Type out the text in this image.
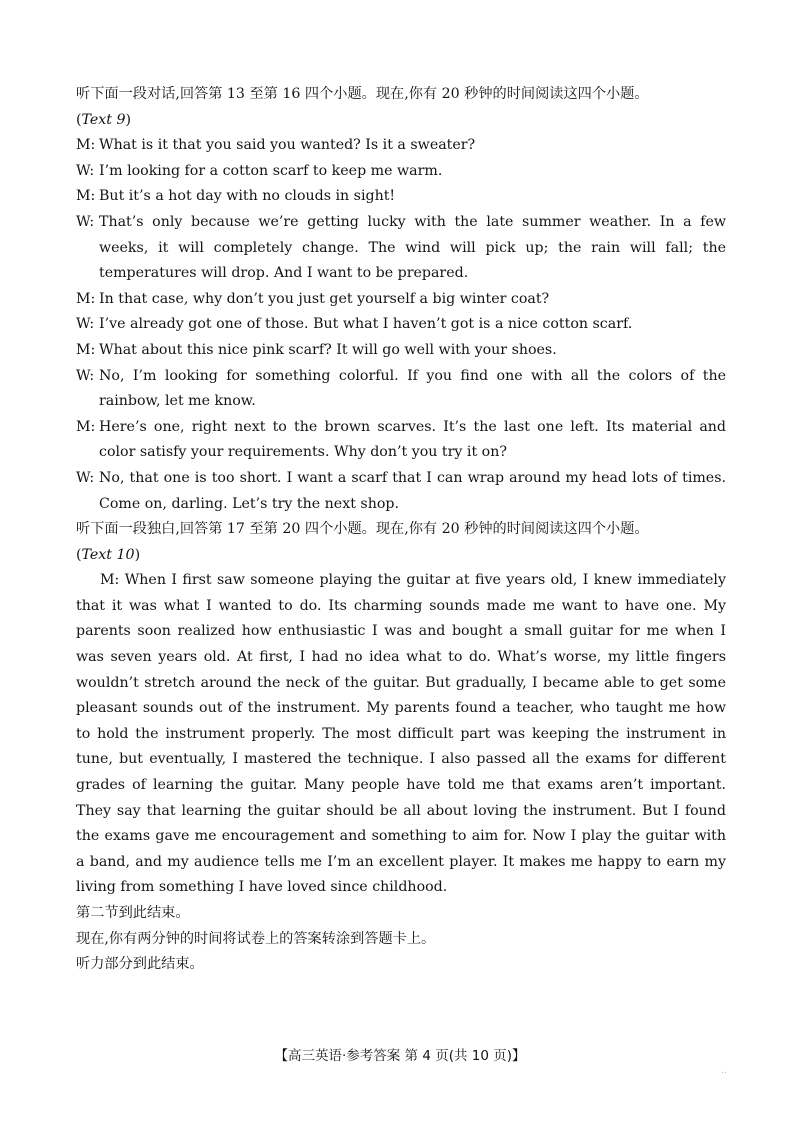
听下面一段对话,回答第 13 至第 16 四个小题。现在,你有 20 秒钟的时间阅读这四个小题。

(Text 9)

M: What is it that you said you wanted? Is it a sweater?
W: I’m looking for a cotton scarf to keep me warm.
M: But it’s a hot day with no clouds in sight!
W: That’s only because we’re getting lucky with the late summer weather. In a few weeks, it will completely change. The wind will pick up; the rain will fall; the temperatures will drop. And I want to be prepared.
M: In that case, why don’t you just get yourself a big winter coat?
W: I’ve already got one of those. But what I haven’t got is a nice cotton scarf.
M: What about this nice pink scarf? It will go well with your shoes.
W: No, I’m looking for something colorful. If you find one with all the colors of the rainbow, let me know.
M: Here’s one, right next to the brown scarves. It’s the last one left. Its material and color satisfy your requirements. Why don’t you try it on?
W: No, that one is too short. I want a scarf that I can wrap around my head lots of times. Come on, darling. Let’s try the next shop.

听下面一段独白,回答第 17 至第 20 四个小题。现在,你有 20 秒钟的时间阅读这四个小题。

(Text 10)

M: When I first saw someone playing the guitar at five years old, I knew immediately that it was what I wanted to do. Its charming sounds made me want to have one. My parents soon realized how enthusiastic I was and bought a small guitar for me when I was seven years old. At first, I had no idea what to do. What’s worse, my little fingers wouldn’t stretch around the neck of the guitar. But gradually, I became able to get some pleasant sounds out of the instrument. My parents found a teacher, who taught me how to hold the instrument properly. The most difficult part was keeping the instrument in tune, but eventually, I mastered the technique. I also passed all the exams for different grades of learning the guitar. Many people have told me that exams aren’t important. They say that learning the guitar should be all about loving the instrument. But I found the exams gave me encouragement and something to aim for. Now I play the guitar with a band, and my audience tells me I’m an excellent player. It makes me happy to earn my living from something I have loved since childhood.

第二节到此结束。

现在,你有两分钟的时间将试卷上的答案转涂到答题卡上。

听力部分到此结束。

【高三英语·参考答案 第 4 页(共 10 页)】
..
